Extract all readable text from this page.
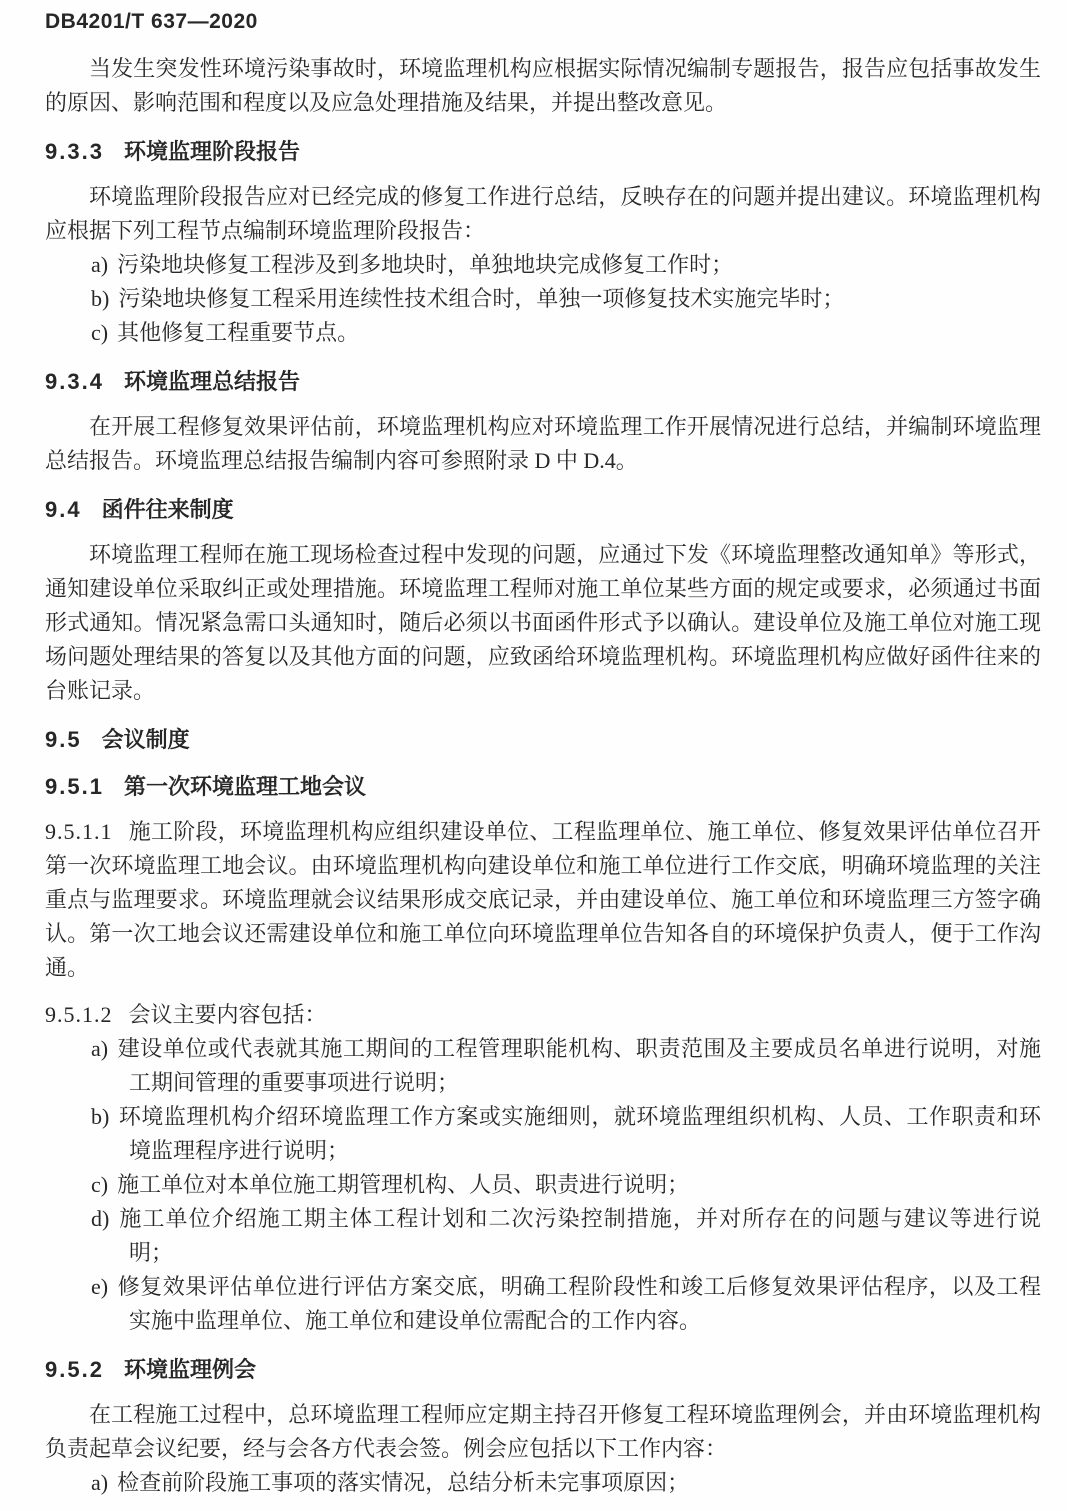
DB4201/T 637—2020

当发生突发性环境污染事故时，环境监理机构应根据实际情况编制专题报告，报告应包括事故发生的原因、影响范围和程度以及应急处理措施及结果，并提出整改意见。

9.3.3 环境监理阶段报告

环境监理阶段报告应对已经完成的修复工作进行总结，反映存在的问题并提出建议。环境监理机构应根据下列工程节点编制环境监理阶段报告：

a) 污染地块修复工程涉及到多地块时，单独地块完成修复工作时；

b) 污染地块修复工程采用连续性技术组合时，单独一项修复技术实施完毕时；

c) 其他修复工程重要节点。

9.3.4 环境监理总结报告

在开展工程修复效果评估前，环境监理机构应对环境监理工作开展情况进行总结，并编制环境监理总结报告。环境监理总结报告编制内容可参照附录 D 中 D.4。

9.4 函件往来制度

环境监理工程师在施工现场检查过程中发现的问题，应通过下发《环境监理整改通知单》等形式，通知建设单位采取纠正或处理措施。环境监理工程师对施工单位某些方面的规定或要求，必须通过书面形式通知。情况紧急需口头通知时，随后必须以书面函件形式予以确认。建设单位及施工单位对施工现场问题处理结果的答复以及其他方面的问题，应致函给环境监理机构。环境监理机构应做好函件往来的台账记录。

9.5 会议制度
9.5.1 第一次环境监理工地会议

9.5.1.1 施工阶段，环境监理机构应组织建设单位、工程监理单位、施工单位、修复效果评估单位召开第一次环境监理工地会议。由环境监理机构向建设单位和施工单位进行工作交底，明确环境监理的关注重点与监理要求。环境监理就会议结果形成交底记录，并由建设单位、施工单位和环境监理三方签字确认。第一次工地会议还需建设单位和施工单位向环境监理单位告知各自的环境保护负责人，便于工作沟通。

9.5.1.2 会议主要内容包括：

a) 建设单位或代表就其施工期间的工程管理职能机构、职责范围及主要成员名单进行说明，对施工期间管理的重要事项进行说明；

b) 环境监理机构介绍环境监理工作方案或实施细则，就环境监理组织机构、人员、工作职责和环境监理程序进行说明；

c) 施工单位对本单位施工期管理机构、人员、职责进行说明；

d) 施工单位介绍施工期主体工程计划和二次污染控制措施，并对所存在的问题与建议等进行说明；

e) 修复效果评估单位进行评估方案交底，明确工程阶段性和竣工后修复效果评估程序，以及工程实施中监理单位、施工单位和建设单位需配合的工作内容。

9.5.2 环境监理例会

在工程施工过程中，总环境监理工程师应定期主持召开修复工程环境监理例会，并由环境监理机构负责起草会议纪要，经与会各方代表会签。例会应包括以下工作内容：

a) 检查前阶段施工事项的落实情况，总结分析未完事项原因；
